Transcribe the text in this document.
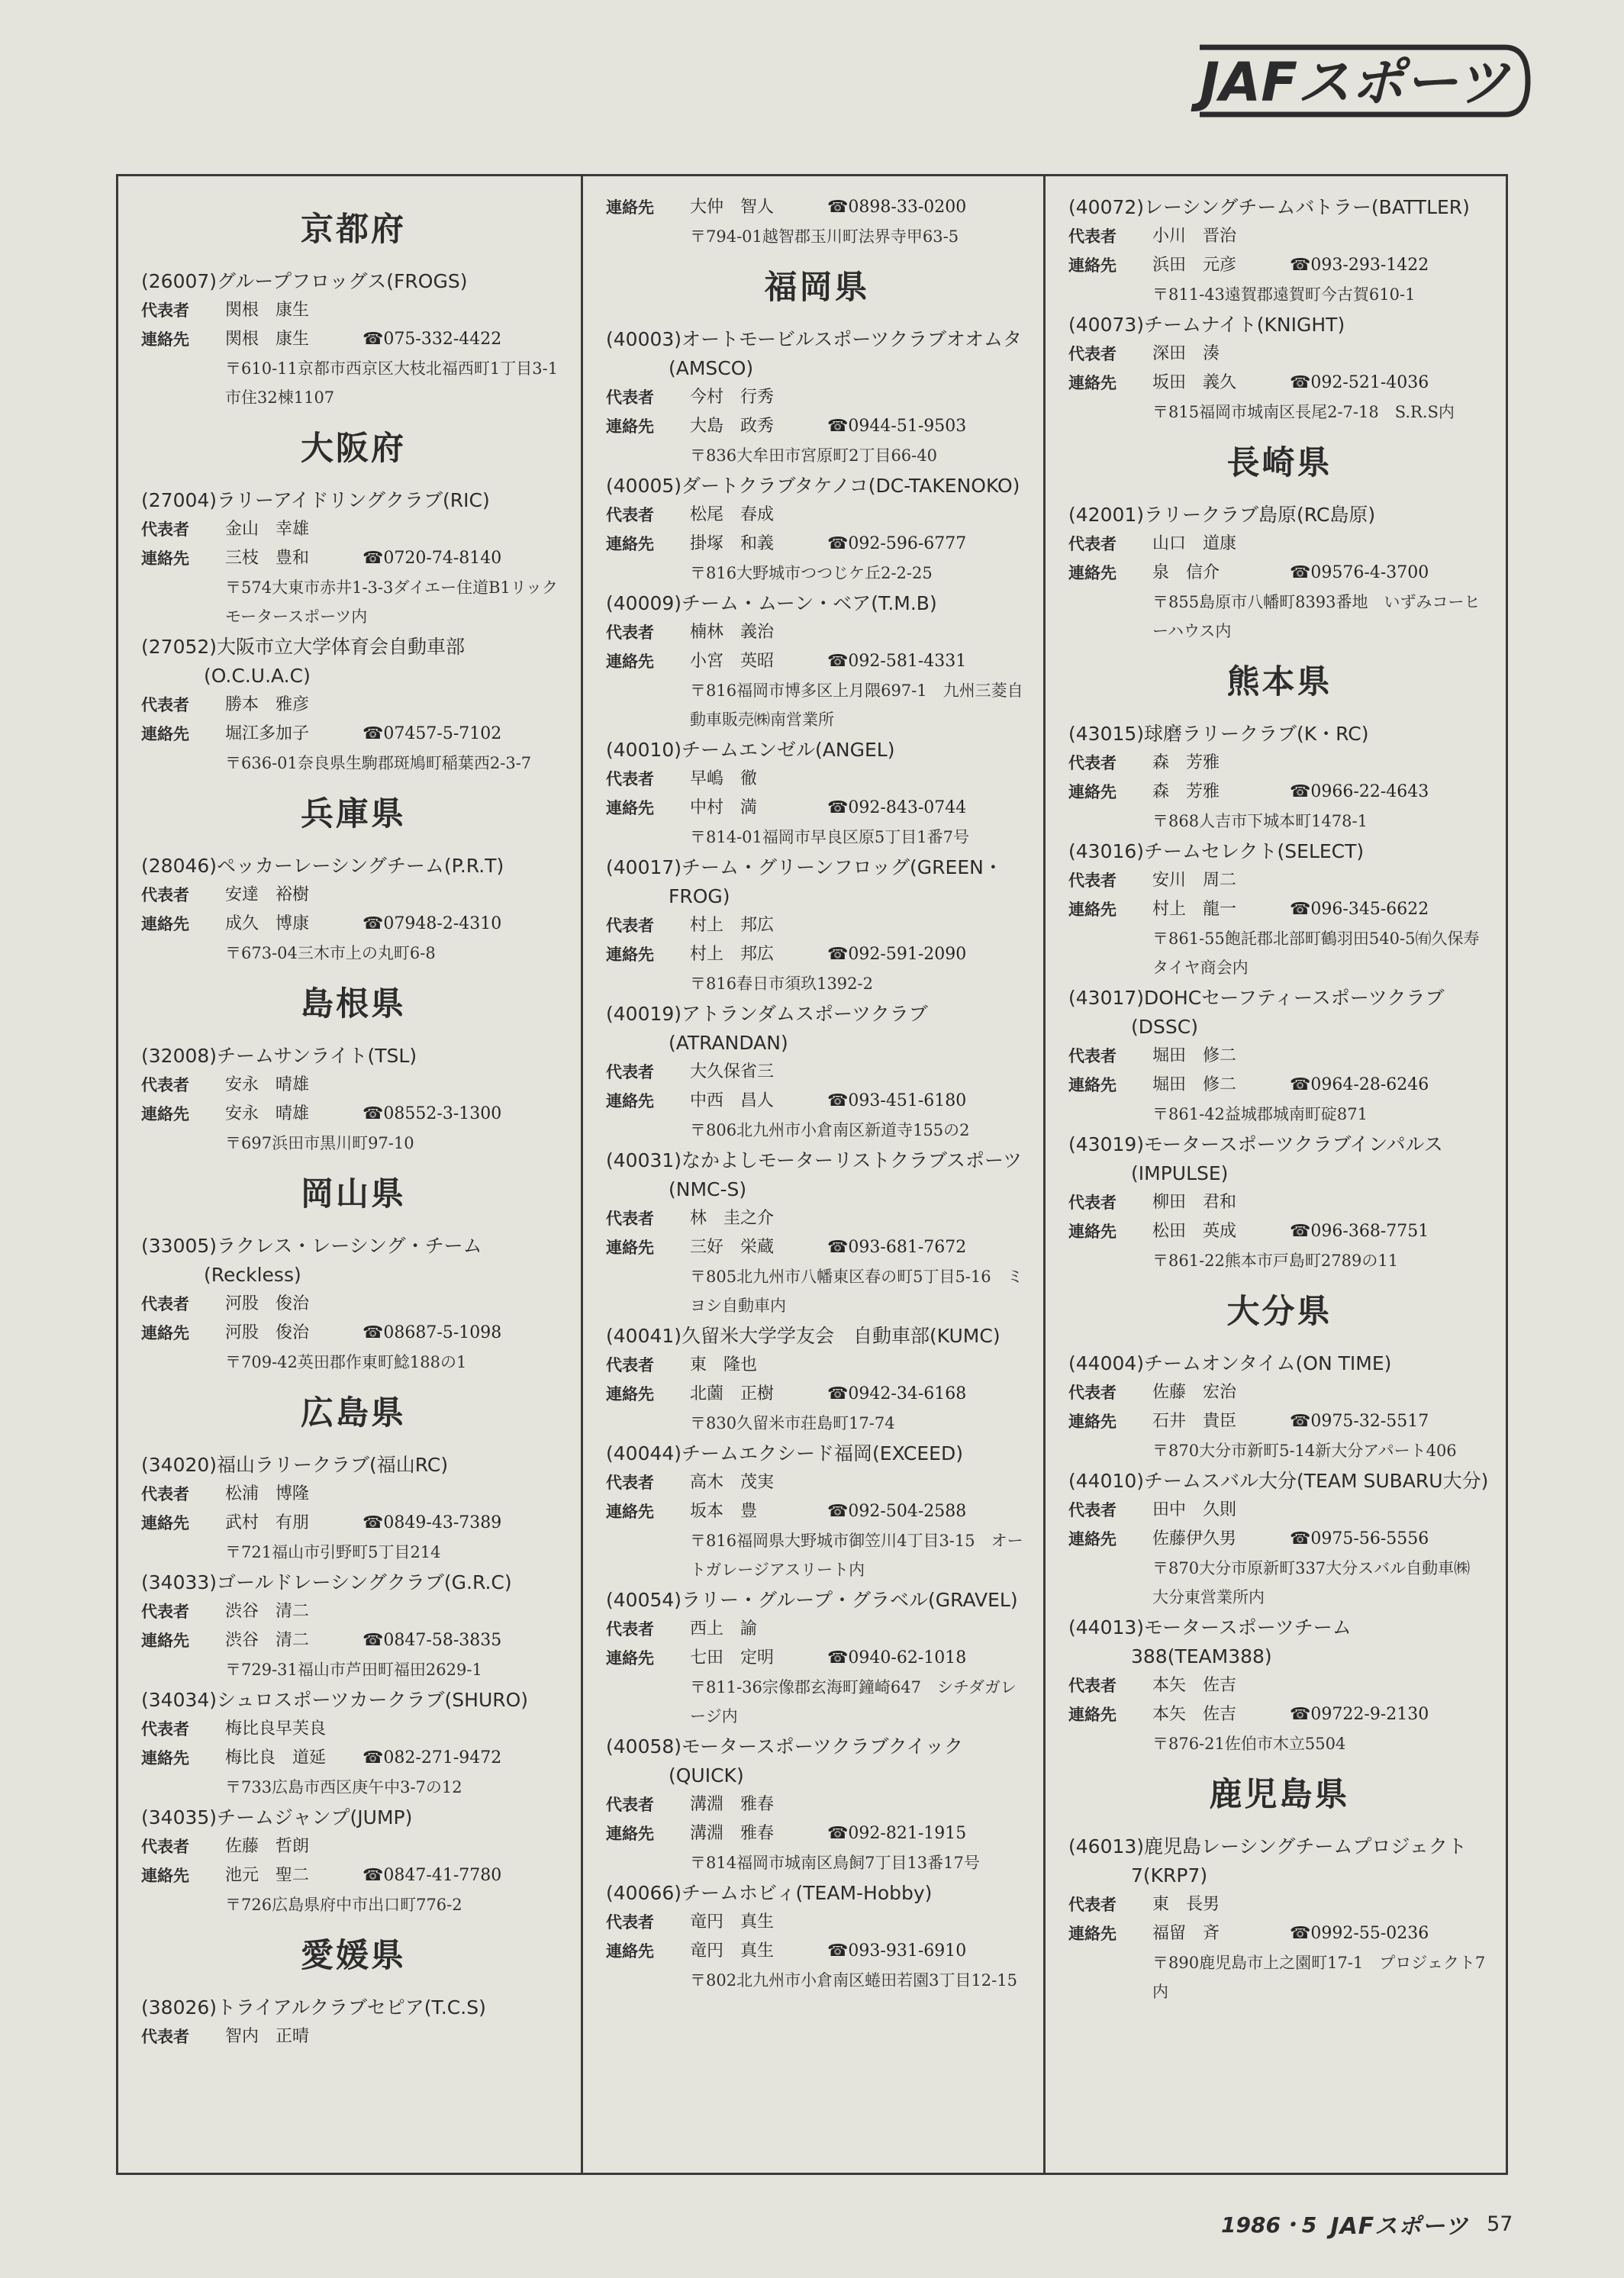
JAFスポーツ
京都府
(26007)グループフロッグス(FROGS)
代表者	関根　康生
連絡先	関根　康生	☎075-332-4422
〒610-11京都市西京区大枝北福西町1丁目3-1市住32棟1107
大阪府
(27004)ラリーアイドリングクラブ(RIC)
代表者	金山　幸雄
連絡先	三枝　豊和	☎0720-74-8140
〒574大東市赤井1-3-3ダイエー住道B1リックモータースポーツ内
(27052)大阪市立大学体育会自動車部(O.C.U.A.C)
代表者	勝本　雅彦
連絡先	堀江多加子	☎07457-5-7102
〒636-01奈良県生駒郡斑鳩町稲葉西2-3-7
兵庫県
(28046)ペッカーレーシングチーム(P.R.T)
代表者	安達　裕樹
連絡先	成久　博康	☎07948-2-4310
〒673-04三木市上の丸町6-8
島根県
(32008)チームサンライト(TSL)
代表者	安永　晴雄
連絡先	安永　晴雄	☎08552-3-1300
〒697浜田市黒川町97-10
岡山県
(33005)ラクレス・レーシング・チーム(Reckless)
代表者	河股　俊治
連絡先	河股　俊治	☎08687-5-1098
〒709-42英田郡作東町鯰188の1
広島県
(34020)福山ラリークラブ(福山RC)
代表者	松浦　博隆
連絡先	武村　有朋	☎0849-43-7389
〒721福山市引野町5丁目214
(34033)ゴールドレーシングクラブ(G.R.C)
代表者	渋谷　清二
連絡先	渋谷　清二	☎0847-58-3835
〒729-31福山市芦田町福田2629-1
(34034)シュロスポーツカークラブ(SHURO)
代表者	梅比良早芙良
連絡先	梅比良　道延	☎082-271-9472
〒733広島市西区庚午中3-7の12
(34035)チームジャンプ(JUMP)
代表者	佐藤　哲朗
連絡先	池元　聖二	☎0847-41-7780
〒726広島県府中市出口町776-2
愛媛県
(38026)トライアルクラブセピア(T.C.S)
代表者	智内　正晴
連絡先	大仲　智人	☎0898-33-0200
〒794-01越智郡玉川町法界寺甲63-5
福岡県
(40003)オートモービルスポーツクラブオオムタ(AMSCO)
代表者	今村　行秀
連絡先	大島　政秀	☎0944-51-9503
〒836大牟田市宮原町2丁目66-40
(40005)ダートクラブタケノコ(DC-TAKENOKO)
代表者	松尾　春成
連絡先	掛塚　和義	☎092-596-6777
〒816大野城市つつじケ丘2-2-25
(40009)チーム・ムーン・ベア(T.M.B)
代表者	楠林　義治
連絡先	小宮　英昭	☎092-581-4331
〒816福岡市博多区上月隈697-1　九州三菱自動車販売㈱南営業所
(40010)チームエンゼル(ANGEL)
代表者	早嶋　徹
連絡先	中村　満	☎092-843-0744
〒814-01福岡市早良区原5丁目1番7号
(40017)チーム・グリーンフロッグ(GREEN・FROG)
代表者	村上　邦広
連絡先	村上　邦広	☎092-591-2090
〒816春日市須玖1392-2
(40019)アトランダムスポーツクラブ(ATRANDAN)
代表者	大久保省三
連絡先	中西　昌人	☎093-451-6180
〒806北九州市小倉南区新道寺155の2
(40031)なかよしモーターリストクラブスポーツ(NMC-S)
代表者	林　圭之介
連絡先	三好　栄蔵	☎093-681-7672
〒805北九州市八幡東区春の町5丁目5-16　ミヨシ自動車内
(40041)久留米大学学友会　自動車部(KUMC)
代表者	東　隆也
連絡先	北薗　正樹	☎0942-34-6168
〒830久留米市荘島町17-74
(40044)チームエクシード福岡(EXCEED)
代表者	高木　茂実
連絡先	坂本　豊	☎092-504-2588
〒816福岡県大野城市御笠川4丁目3-15　オートガレージアスリート内
(40054)ラリー・グループ・グラベル(GRAVEL)
代表者	西上　諭
連絡先	七田　定明	☎0940-62-1018
〒811-36宗像郡玄海町鐘崎647　シチダガレージ内
(40058)モータースポーツクラブクイック(QUICK)
代表者	溝淵　雅春
連絡先	溝淵　雅春	☎092-821-1915
〒814福岡市城南区鳥飼7丁目13番17号
(40066)チームホビィ(TEAM-Hobby)
代表者	竜円　真生
連絡先	竜円　真生	☎093-931-6910
〒802北九州市小倉南区蜷田若園3丁目12-15
(40072)レーシングチームバトラー(BATTLER)
代表者	小川　晋治
連絡先	浜田　元彦	☎093-293-1422
〒811-43遠賀郡遠賀町今古賀610-1
(40073)チームナイト(KNIGHT)
代表者	深田　湊
連絡先	坂田　義久	☎092-521-4036
〒815福岡市城南区長尾2-7-18　S.R.S内
長崎県
(42001)ラリークラブ島原(RC島原)
代表者	山口　道康
連絡先	泉　信介	☎09576-4-3700
〒855島原市八幡町8393番地　いずみコーヒーハウス内
熊本県
(43015)球磨ラリークラブ(K・RC)
代表者	森　芳雅
連絡先	森　芳雅	☎0966-22-4643
〒868人吉市下城本町1478-1
(43016)チームセレクト(SELECT)
代表者	安川　周二
連絡先	村上　龍一	☎096-345-6622
〒861-55飽託郡北部町鶴羽田540-5㈲久保寿タイヤ商会内
(43017)DOHCセーフティースポーツクラブ(DSSC)
代表者	堀田　修二
連絡先	堀田　修二	☎0964-28-6246
〒861-42益城郡城南町碇871
(43019)モータースポーツクラブインパルス(IMPULSE)
代表者	柳田　君和
連絡先	松田　英成	☎096-368-7751
〒861-22熊本市戸島町2789の11
大分県
(44004)チームオンタイム(ON TIME)
代表者	佐藤　宏治
連絡先	石井　貴臣	☎0975-32-5517
〒870大分市新町5-14新大分アパート406
(44010)チームスバル大分(TEAM SUBARU大分)
代表者	田中　久則
連絡先	佐藤伊久男	☎0975-56-5556
〒870大分市原新町337大分スバル自動車㈱　大分東営業所内
(44013)モータースポーツチーム388(TEAM388)
代表者	本矢　佐吉
連絡先	本矢　佐吉	☎09722-9-2130
〒876-21佐伯市木立5504
鹿児島県
(46013)鹿児島レーシングチームプロジェクト7(KRP7)
代表者	東　長男
連絡先	福留　斉	☎0992-55-0236
〒890鹿児島市上之園町17-1　プロジェクト7内
1986・5 JAFスポーツ 57
